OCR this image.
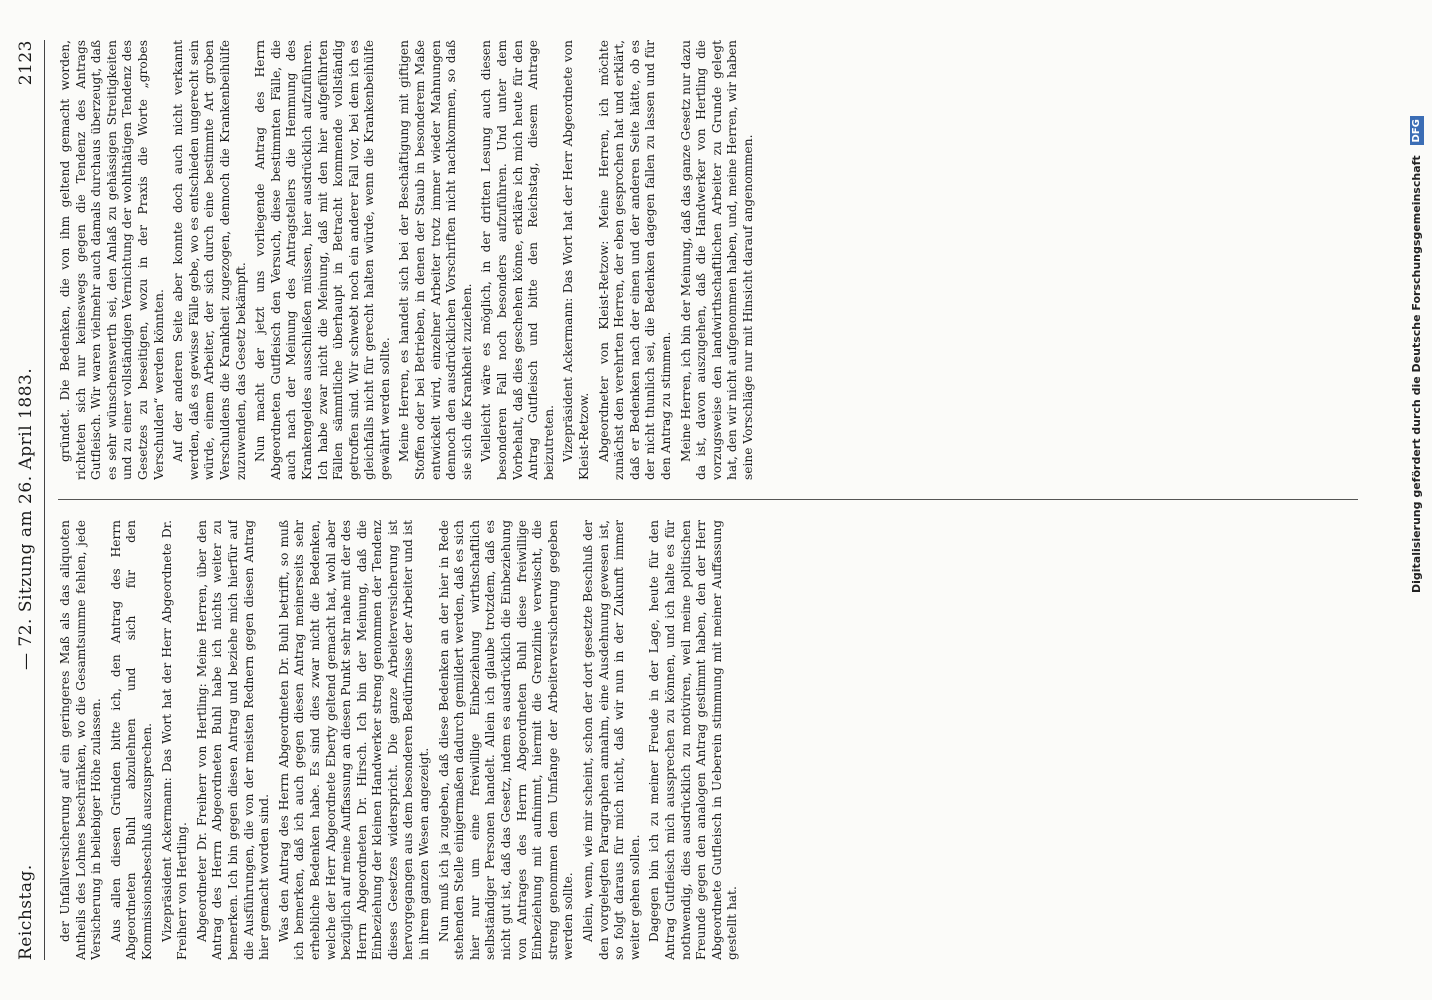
Reichstag.
— 72. Sitzung am 26. April 1883.
2123

der Unfallversicherung auf ein geringeres Maß als das aliquoten Antheils des Lohnes beschränken, wo die Gesamtsumme fehlen, jede Versicherung in beliebiger Höhe zulassen. Aus allen diesen Gründen bitte ich, den Antrag des Herrn Abgeordneten Buhl abzulehnen und sich für den Kommissionsbeschluß auszusprechen. Vizepräsident Ackermann: Das Wort hat der Herr Abgeordnete Dr. Freiherr von Hertling. Abgeordneter Dr. Freiherr von Hertling: Meine Herren, über den Antrag des Herrn Abgeordneten Buhl habe ich nichts weiter zu bemerken. Ich bin gegen diesen Antrag und beziehe mich hierfür auf die Ausführungen, die von der meisten Rednern gegen diesen Antrag hier gemacht worden sind. Was den Antrag des Herrn Abgeordneten Dr. Buhl betrifft, so muß ich bemerken, daß ich auch gegen diesen Antrag meinerseits sehr erhebliche Bedenken habe. Es sind dies zwar nicht die Bedenken, welche der Herr Abgeordnete Eberty geltend gemacht hat, wohl aber bezüglich auf meine Auffassung an diesen Punkt sehr nahe mit der des Herrn Abgeordneten Dr. Hirsch. Ich bin der Meinung, daß die Einbeziehung der kleinen Handwerker streng genommen der Tendenz dieses Gesetzes widerspricht. Die ganze Arbeiterversicherung ist hervorgegangen aus dem besonderen Bedürfnisse der Arbeiter und ist in ihrem ganzen Wesen angezeigt. Nun muß ich ja zugeben, daß diese Bedenken an der hier in Rede stehenden Stelle einigermaßen dadurch gemildert werden, daß es sich hier nur um eine freiwillige Einbeziehung wirthschaftlich selbständiger Personen handelt. Allein ich glaube trotzdem, daß es nicht gut ist, daß das Gesetz, indem es ausdrücklich die Einbeziehung von Antrages des Herrn Abgeordneten Buhl diese freiwillige Einbeziehung mit aufnimmt, hiermit die Grenzlinie verwischt, die streng genommen dem Umfange der Arbeiterversicherung gegeben werden sollte. Allein, wenn, wie mir scheint, schon der dort gesetzte Beschluß der den vorgelegten Paragraphen annahm, eine Ausdehnung gewesen ist, so folgt daraus für mich nicht, daß wir nun in der Zukunft immer weiter gehen sollen. Dagegen bin ich zu meiner Freude in der Lage, heute für den Antrag Gutfleisch mich aussprechen zu können, und ich halte es für nothwendig, dies ausdrücklich zu motiviren, weil meine politischen Freunde gegen den analogen Antrag gestimmt haben, den der Herr Abgeordnete Gutfleisch in Ueberein stimmung mit meiner Auffassung gestellt hat.

gründet. Die Bedenken, die von ihm geltend gemacht worden, richteten sich nur keineswegs gegen die Tendenz des Antrags Gutfleisch. Wir waren vielmehr auch damals durchaus überzeugt, daß es sehr wünschenswerth sei, den Anlaß zu gehässigen Streitigkeiten und zu einer vollständigen Vernichtung der wohlthätigen Tendenz des Gesetzes zu beseitigen, wozu in der Praxis die Worte „grobes Verschulden“ werden könnten. Auf der anderen Seite aber konnte doch auch nicht verkannt werden, daß es gewisse Fälle gebe, wo es entschieden ungerecht sein würde, einem Arbeiter, der sich durch eine bestimmte Art groben Verschuldens die Krankheit zugezogen, dennoch die Krankenbeihülfe zuzuwenden, das Gesetz bekämpft. Nun macht der jetzt uns vorliegende Antrag des Herrn Abgeordneten Gutfleisch den Versuch, diese bestimmten Fälle, die auch nach der Meinung des Antragstellers die Hemmung des Krankengeldes ausschließen müssen, hier ausdrücklich aufzuführen. Ich habe zwar nicht die Meinung, daß mit den hier aufgeführten Fällen sämmtliche überhaupt in Betracht kommende vollständig getroffen sind. Wir schwebt noch ein anderer Fall vor, bei dem ich es gleichfalls nicht für gerecht halten würde, wenn die Krankenbeihülfe gewährt werden sollte. Meine Herren, es handelt sich bei der Beschäftigung mit giftigen Stoffen oder bei Betrieben, in denen der Staub in besonderem Maße entwickelt wird, einzelner Arbeiter trotz immer wieder Mahnungen dennoch den ausdrücklichen Vorschriften nicht nachkommen, so daß sie sich die Krankheit zuziehen. Vielleicht wäre es möglich, in der dritten Lesung auch diesen besonderen Fall noch besonders aufzuführen. Und unter dem Vorbehalt, daß dies geschehen könne, erkläre ich mich heute für den Antrag Gutfleisch und bitte den Reichstag, diesem Antrage beizutreten. Vizepräsident Ackermann: Das Wort hat der Herr Abgeordnete von Kleist-Retzow. Abgeordneter von Kleist-Retzow: Meine Herren, ich möchte zunächst den verehrten Herren, der eben gesprochen hat und erklärt, daß er Bedenken nach der einen und der anderen Seite hätte, ob es der nicht thunlich sei, die Bedenken dagegen fallen zu lassen und für den Antrag zu stimmen. Meine Herren, ich bin der Meinung, daß das ganze Gesetz nur dazu da ist, davon auszugehen, daß die Handwerker von Hertling die vorzugsweise den landwirthschaftlichen Arbeiter zu Grunde gelegt hat, den wir nicht aufgenommen haben, und, meine Herren, wir haben seine Vorschläge nur mit Hinsicht darauf angenommen.	Digitalisierung gefördert durch die Deutsche Forschungsgemeinschaft DFG
